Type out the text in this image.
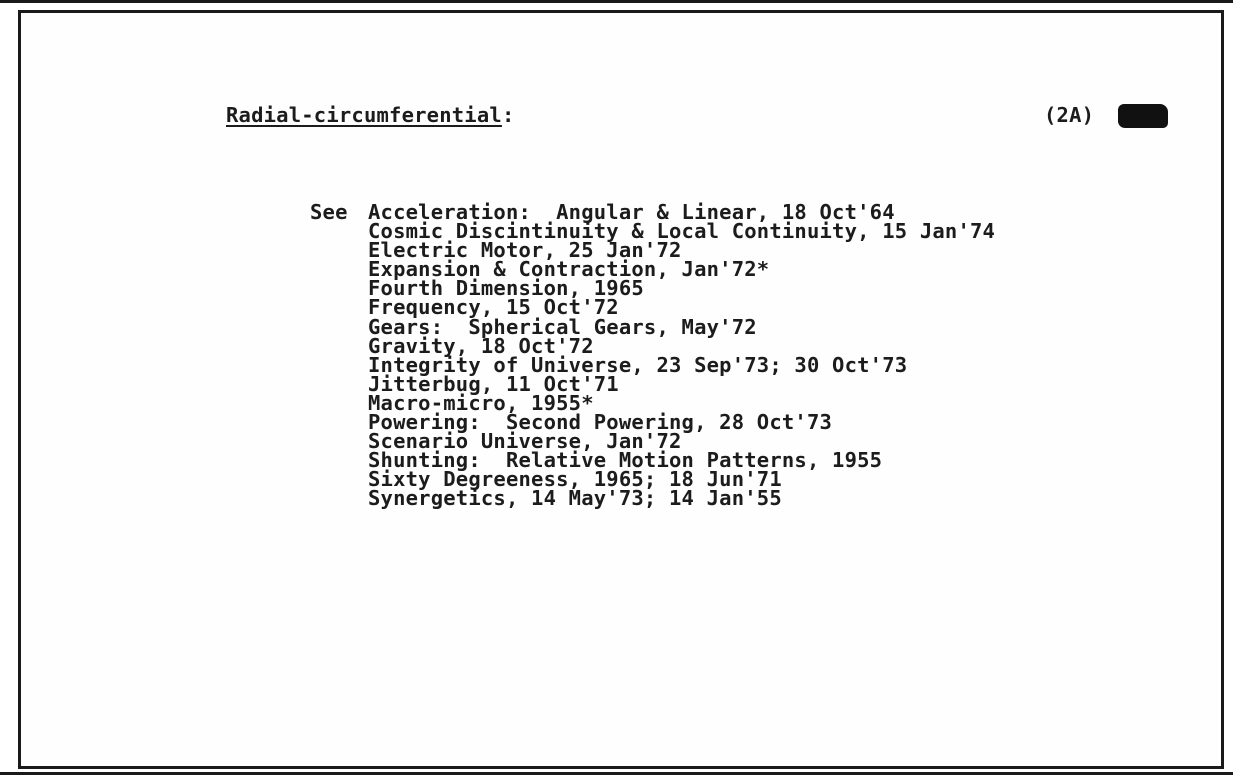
Radial-circumferential:	(2A)
See Acceleration:  Angular & Linear, 18 Oct'64
Cosmic Discintinuity & Local Continuity, 15 Jan'74
Electric Motor, 25 Jan'72
Expansion & Contraction, Jan'72*
Fourth Dimension, 1965
Frequency, 15 Oct'72
Gears:  Spherical Gears, May'72
Gravity, 18 Oct'72
Integrity of Universe, 23 Sep'73; 30 Oct'73
Jitterbug, 11 Oct'71
Macro-micro, 1955*
Powering:  Second Powering, 28 Oct'73
Scenario Universe, Jan'72
Shunting:  Relative Motion Patterns, 1955
Sixty Degreeness, 1965; 18 Jun'71
Synergetics, 14 May'73; 14 Jan'55
